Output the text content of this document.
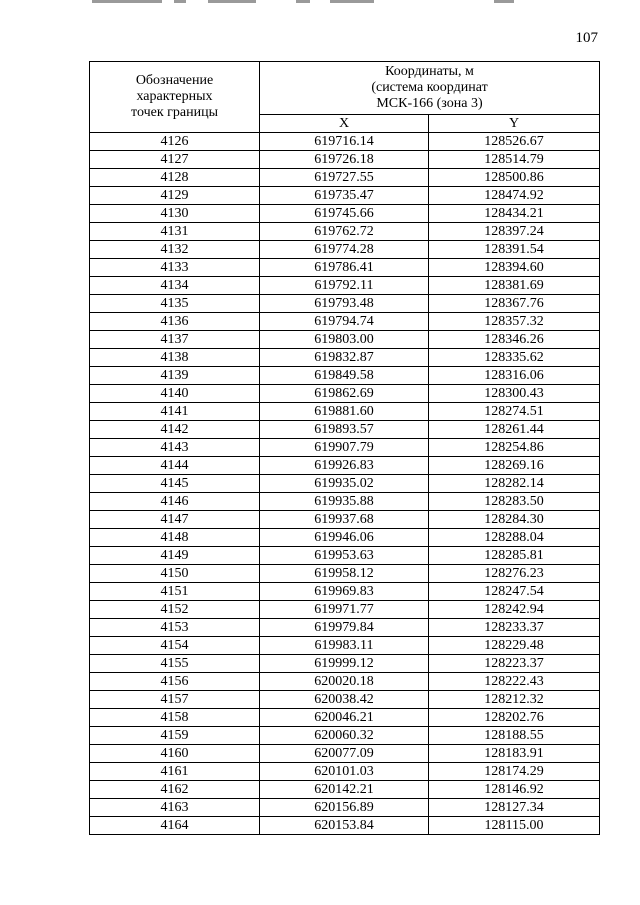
107
Обозначение
характерных
точек границы	Координаты, м
(система координат
МСК-166 (зона 3)	

	X	Y
4126	619716.14	128526.67
4127	619726.18	128514.79
4128	619727.55	128500.86
4129	619735.47	128474.92
4130	619745.66	128434.21
4131	619762.72	128397.24
4132	619774.28	128391.54
4133	619786.41	128394.60
4134	619792.11	128381.69
4135	619793.48	128367.76
4136	619794.74	128357.32
4137	619803.00	128346.26
4138	619832.87	128335.62
4139	619849.58	128316.06
4140	619862.69	128300.43
4141	619881.60	128274.51
4142	619893.57	128261.44
4143	619907.79	128254.86
4144	619926.83	128269.16
4145	619935.02	128282.14
4146	619935.88	128283.50
4147	619937.68	128284.30
4148	619946.06	128288.04
4149	619953.63	128285.81
4150	619958.12	128276.23
4151	619969.83	128247.54
4152	619971.77	128242.94
4153	619979.84	128233.37
4154	619983.11	128229.48
4155	619999.12	128223.37
4156	620020.18	128222.43
4157	620038.42	128212.32
4158	620046.21	128202.76
4159	620060.32	128188.55
4160	620077.09	128183.91
4161	620101.03	128174.29
4162	620142.21	128146.92
4163	620156.89	128127.34
4164	620153.84	128115.00
